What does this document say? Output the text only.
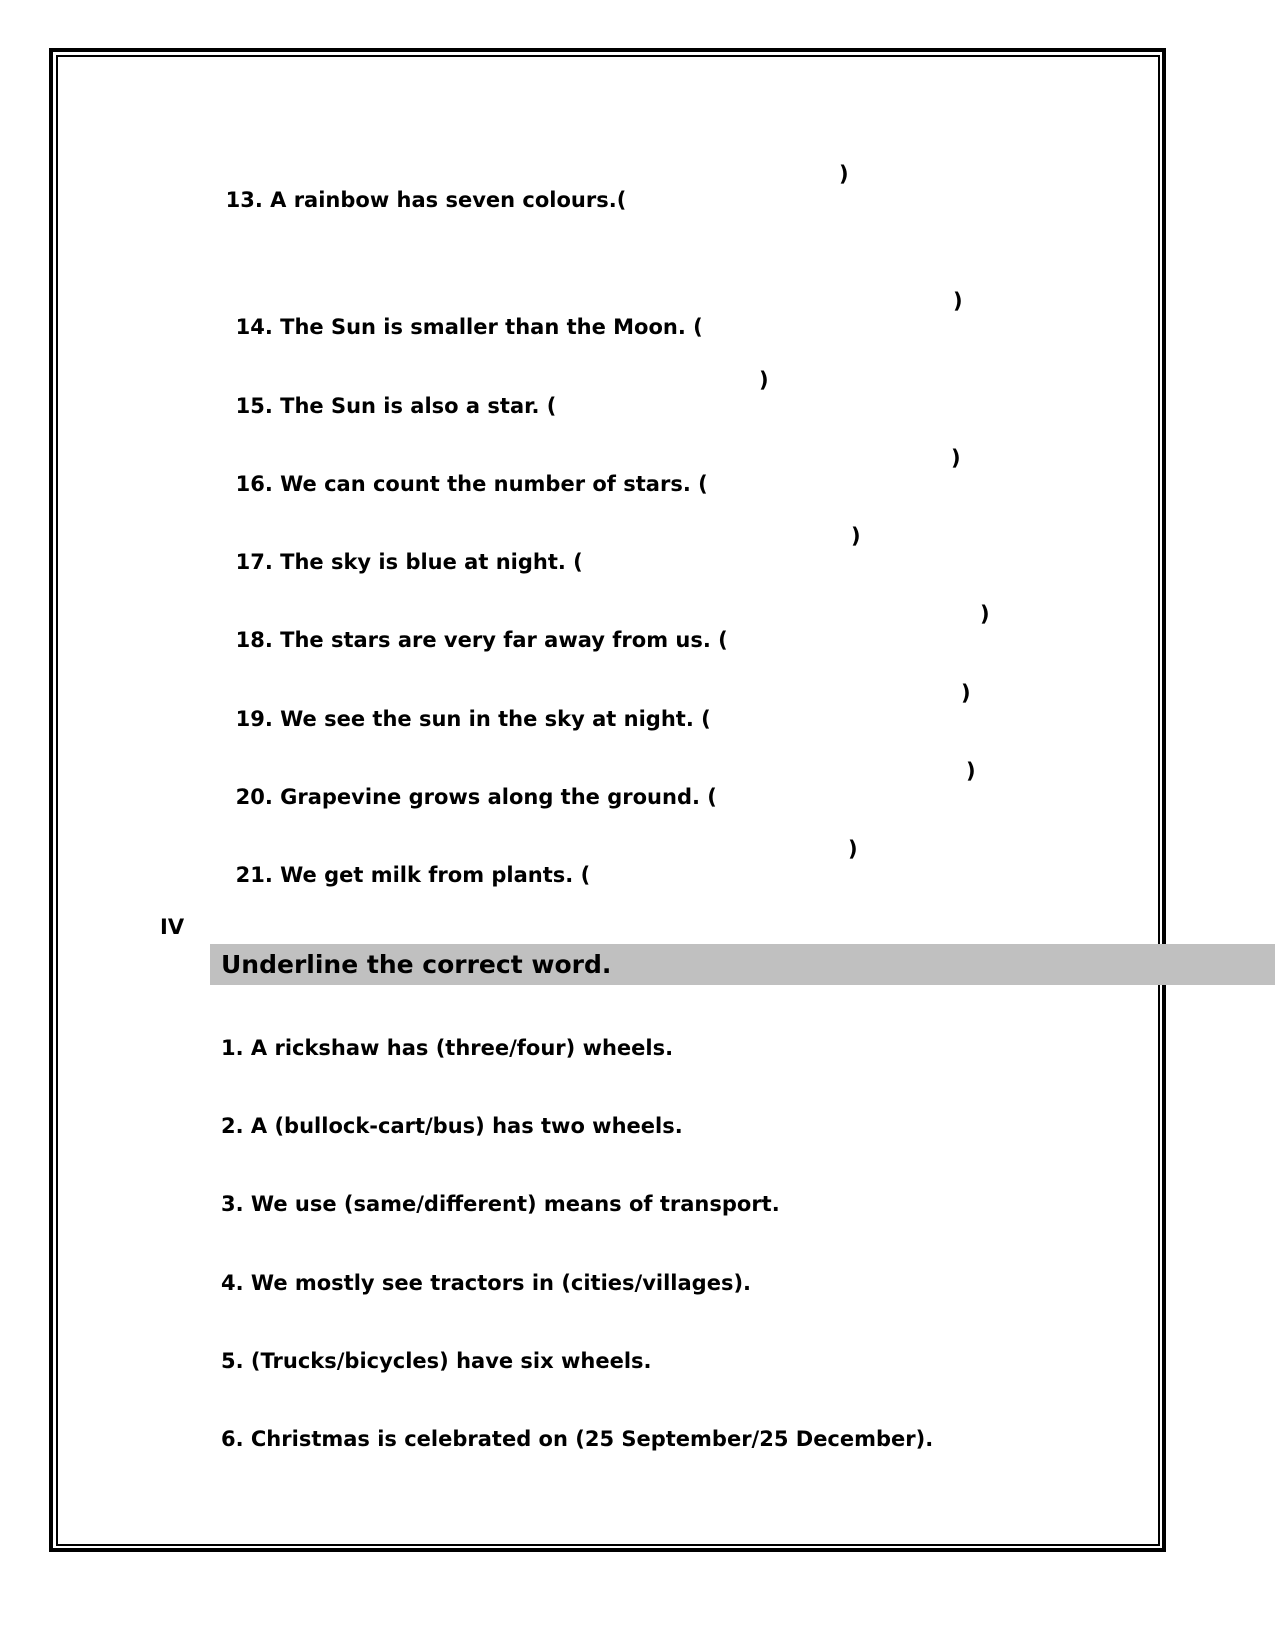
13. A rainbow has seven colours.(

)

14. The Sun is smaller than the Moon. (

)

15. The Sun is also a star. (

)

16. We can count the number of stars. (

)

17. The sky is blue at night. (

)

18. The stars are very far away from us. (

)

19. We see the sun in the sky at night. (

)

20. Grapevine grows along the ground. (

)

21. We get milk from plants. (

)

IV
Underline the correct word.
1. A rickshaw has (three/four) wheels.
2. A (bullock-cart/bus) has two wheels.
3. We use (same/different) means of transport.
4. We mostly see tractors in (cities/villages).
5. (Trucks/bicycles) have six wheels.
6. Christmas is celebrated on (25 September/25 December).
